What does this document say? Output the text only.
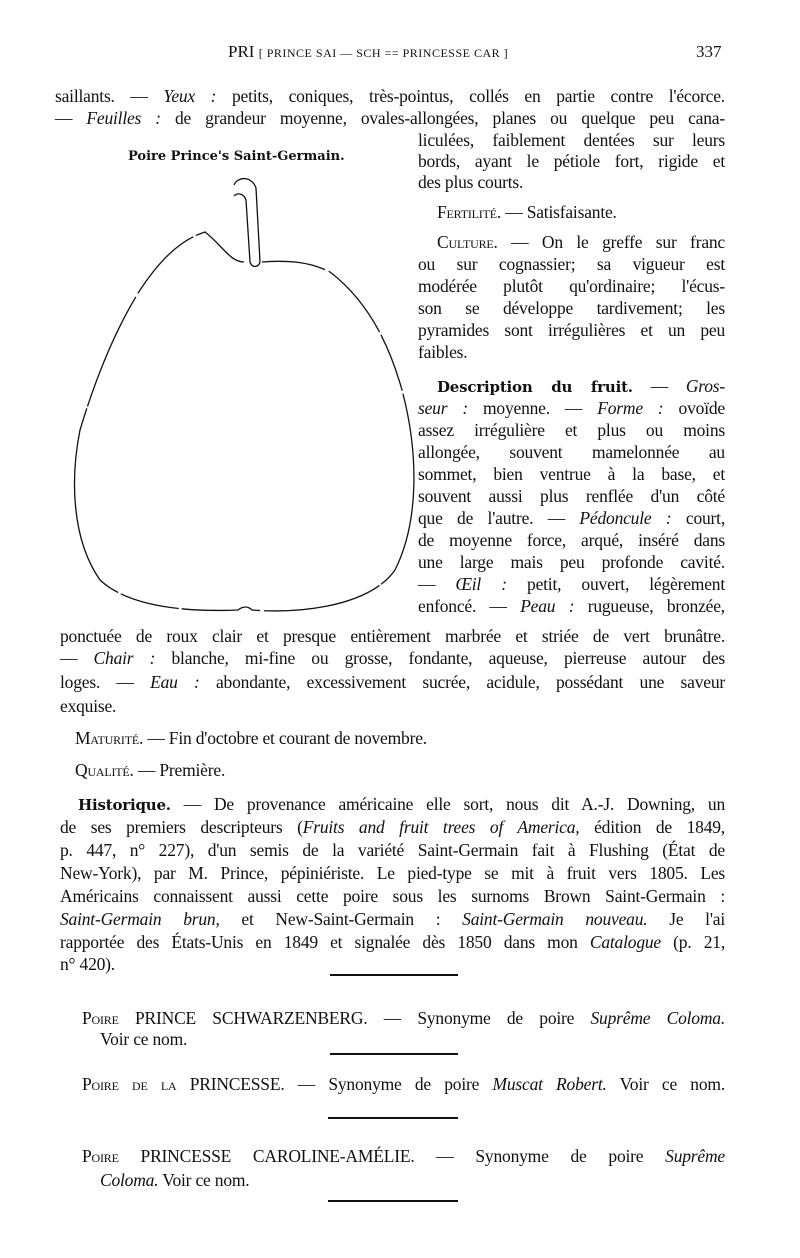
PRI [ PRINCE SAI — SCH == PRINCESSE CAR ]	337
Poire Prince's Saint-Germain.
saillants. — Yeux : petits, coniques, très-pointus, collés en partie contre l'écorce.
— Feuilles : de grandeur moyenne, ovales-allongées, planes ou quelque peu cana-
liculées, faiblement dentées sur leurs
bords, ayant le pétiole fort, rigide et
des plus courts.
Fertilité. — Satisfaisante.
Culture. — On le greffe sur franc
ou sur cognassier; sa vigueur est
modérée plutôt qu'ordinaire; l'écus-
son se développe tardivement; les
pyramides sont irrégulières et un peu
faibles.
Description du fruit. — Gros-
seur : moyenne. — Forme : ovoïde
assez irrégulière et plus ou moins
allongée, souvent mamelonnée au
sommet, bien ventrue à la base, et
souvent aussi plus renflée d'un côté
que de l'autre. — Pédoncule : court,
de moyenne force, arqué, inséré dans
une large mais peu profonde cavité.
— Œil : petit, ouvert, légèrement
enfoncé. — Peau : rugueuse, bronzée,
ponctuée de roux clair et presque entièrement marbrée et striée de vert brunâtre.
— Chair : blanche, mi-fine ou grosse, fondante, aqueuse, pierreuse autour des
loges. — Eau : abondante, excessivement sucrée, acidule, possédant une saveur
exquise.
Maturité. — Fin d'octobre et courant de novembre.
Qualité. — Première.
Historique. — De provenance américaine elle sort, nous dit A.-J. Downing, un
de ses premiers descripteurs (Fruits and fruit trees of America, édition de 1849,
p. 447, n° 227), d'un semis de la variété Saint-Germain fait à Flushing (État de
New-York), par M. Prince, pépiniériste. Le pied-type se mit à fruit vers 1805. Les
Américains connaissent aussi cette poire sous les surnoms Brown Saint-Germain :
Saint-Germain brun, et New-Saint-Germain : Saint-Germain nouveau. Je l'ai
rapportée des États-Unis en 1849 et signalée dès 1850 dans mon Catalogue (p. 21,
n° 420).
Poire PRINCE SCHWARZENBERG. — Synonyme de poire Suprême Coloma.
Voir ce nom.
Poire de la PRINCESSE. — Synonyme de poire Muscat Robert. Voir ce nom.
Poire PRINCESSE CAROLINE-AMÉLIE. — Synonyme de poire Suprême
Coloma. Voir ce nom.
